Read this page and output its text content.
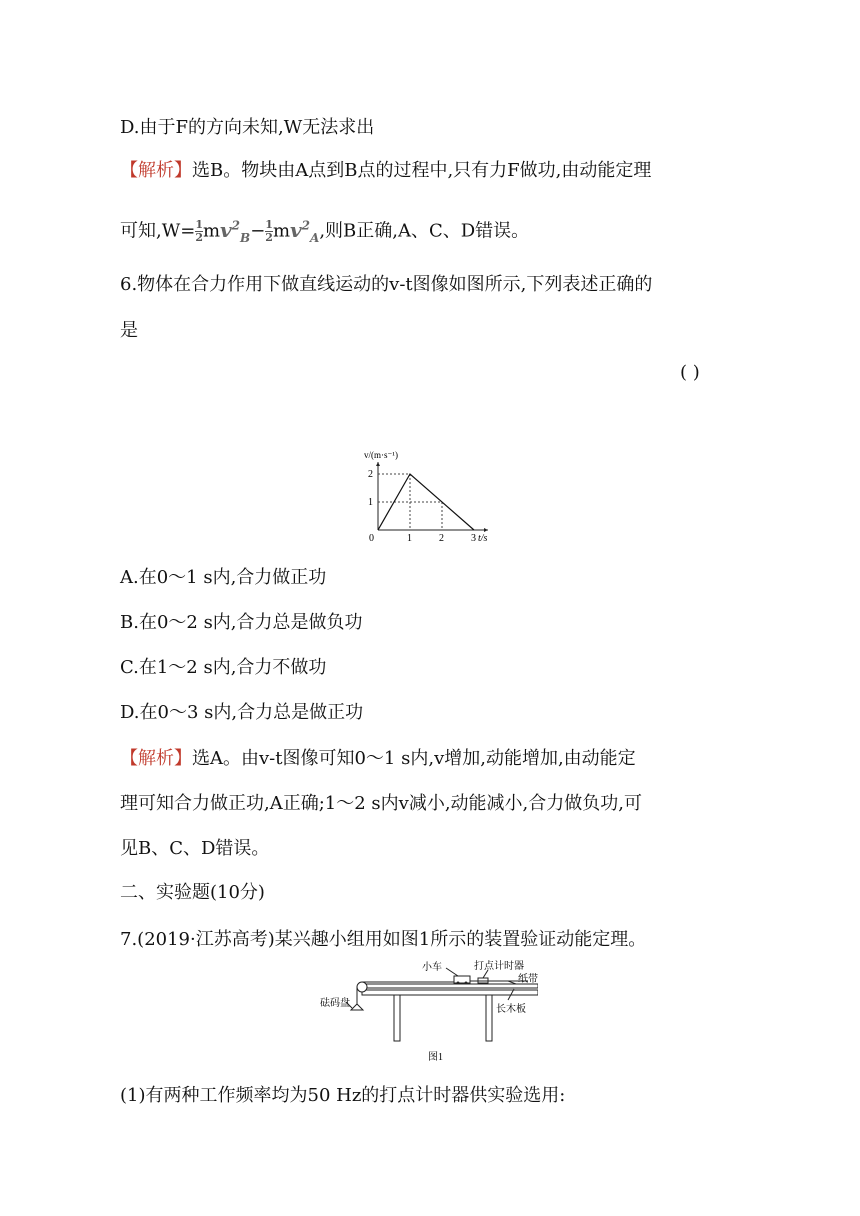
D.由于F的方向未知,W无法求出
【解析】选B。物块由A点到B点的过程中,只有力F做功,由动能定理
可知$,W= \frac{1}{2} mv^2_B- \frac{1}{2} mv^2_A$,则B正确,A、C、D错误。
6.物体在合力作用下做直线运动的v-t图像如图所示,下列表述正确的
是
( )
0	1	2	3
1
2
v/(m·s⁻¹)
t/s
A.在0～1 s内,合力做正功
B.在0～2 s内,合力总是做负功
C.在1～2 s内,合力不做功
D.在0～3 s内,合力总是做正功
【解析】选A。由v-t图像可知0～1 s内,v增加,动能增加,由动能定
理可知合力做正功,A正确;1～2 s内v减小,动能减小,合力做负功,可
见B、C、D错误。
二、实验题(10分)
7.(2019·江苏高考)某兴趣小组用如图1所示的装置验证动能定理。
小车	打点计时器
纸带
砝码盘
长木板
图1
(1)有两种工作频率均为50 Hz的打点计时器供实验选用:
